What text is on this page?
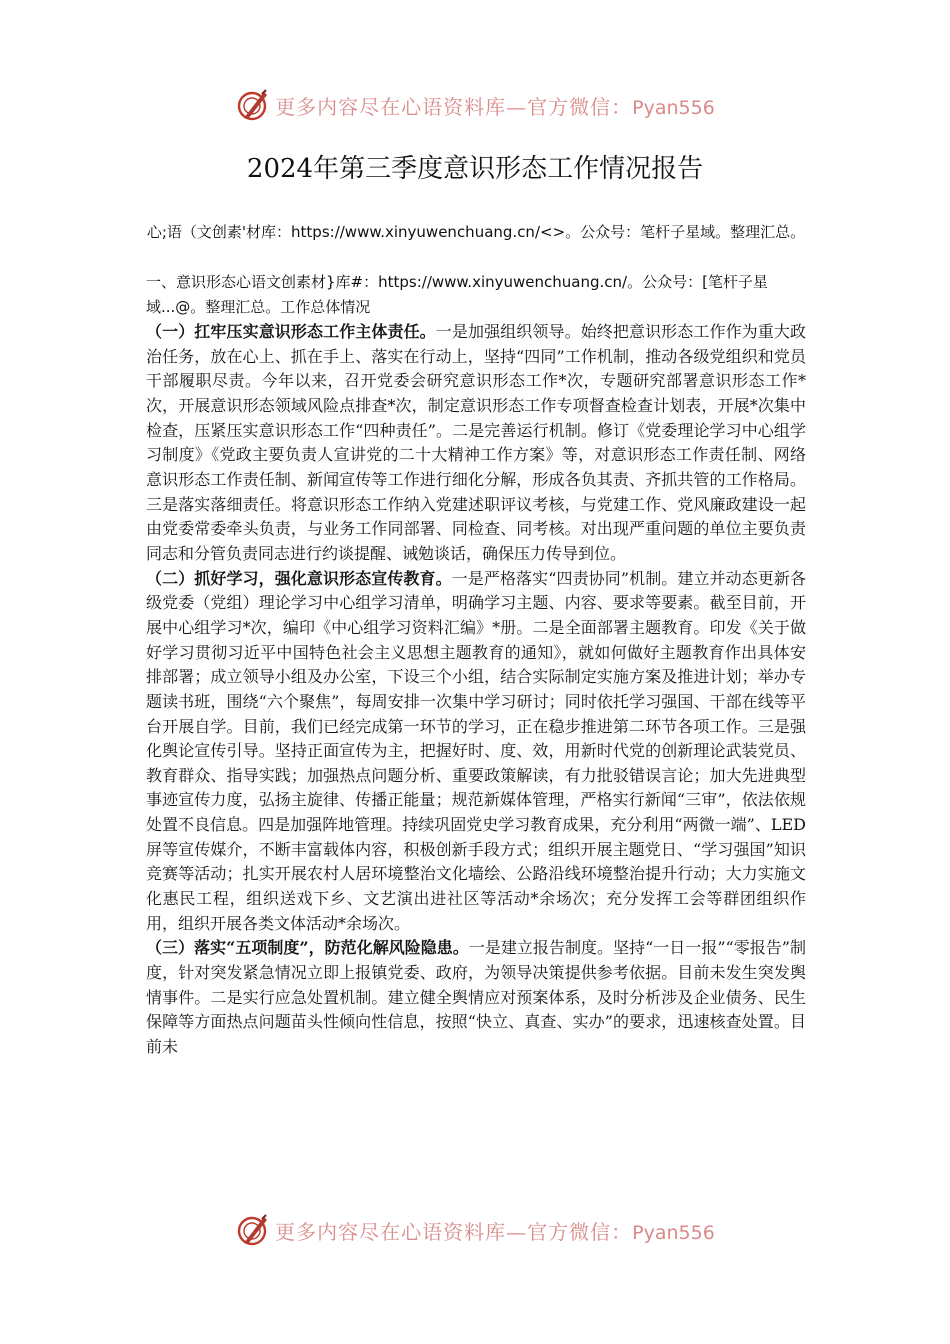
更多内容尽在心语资料库—官方微信：Pyan556
2024年第三季度意识形态工作情况报告
心;语（文创素'材库：https://www.xinyuwenchuang.cn/<>。公众号：笔杆子星域。整理汇总。
一、意识形态心语文创素材}库#：https://www.xinyuwenchuang.cn/。公众号：[笔杆子星域...@。整理汇总。工作总体情况

（一）扛牢压实意识形态工作主体责任。一是加强组织领导。始终把意识形态工作作为重大政治任务，放在心上、抓在手上、落实在行动上，坚持“四同”工作机制，推动各级党组织和党员干部履职尽责。今年以来，召开党委会研究意识形态工作*次，专题研究部署意识形态工作*次，开展意识形态领域风险点排查*次，制定意识形态工作专项督查检查计划表，开展*次集中检查，压紧压实意识形态工作“四种责任”。二是完善运行机制。修订《党委理论学习中心组学习制度》《党政主要负责人宣讲党的二十大精神工作方案》等，对意识形态工作责任制、网络意识形态工作责任制、新闻宣传等工作进行细化分解，形成各负其责、齐抓共管的工作格局。三是落实落细责任。将意识形态工作纳入党建述职评议考核，与党建工作、党风廉政建设一起由党委常委牵头负责，与业务工作同部署、同检查、同考核。对出现严重问题的单位主要负责同志和分管负责同志进行约谈提醒、诫勉谈话，确保压力传导到位。

（二）抓好学习，强化意识形态宣传教育。一是严格落实“四责协同”机制。建立并动态更新各级党委（党组）理论学习中心组学习清单，明确学习主题、内容、要求等要素。截至目前，开展中心组学习*次，编印《中心组学习资料汇编》*册。二是全面部署主题教育。印发《关于做好学习贯彻习近平中国特色社会主义思想主题教育的通知》，就如何做好主题教育作出具体安排部署；成立领导小组及办公室，下设三个小组，结合实际制定实施方案及推进计划；举办专题读书班，围绕“六个聚焦”，每周安排一次集中学习研讨；同时依托学习强国、干部在线等平台开展自学。目前，我们已经完成第一环节的学习，正在稳步推进第二环节各项工作。三是强化舆论宣传引导。坚持正面宣传为主，把握好时、度、效，用新时代党的创新理论武装党员、教育群众、指导实践；加强热点问题分析、重要政策解读，有力批驳错误言论；加大先进典型事迹宣传力度，弘扬主旋律、传播正能量；规范新媒体管理，严格实行新闻“三审”，依法依规处置不良信息。四是加强阵地管理。持续巩固党史学习教育成果，充分利用“两微一端”、LED屏等宣传媒介，不断丰富载体内容，积极创新手段方式；组织开展主题党日、“学习强国”知识竞赛等活动；扎实开展农村人居环境整治文化墙绘、公路沿线环境整治提升行动；大力实施文化惠民工程，组织送戏下乡、文艺演出进社区等活动*余场次；充分发挥工会等群团组织作用，组织开展各类文体活动*余场次。

（三）落实“五项制度”，防范化解风险隐患。一是建立报告制度。坚持“一日一报”“零报告”制度，针对突发紧急情况立即上报镇党委、政府，为领导决策提供参考依据。目前未发生突发舆情事件。二是实行应急处置机制。建立健全舆情应对预案体系，及时分析涉及企业债务、民生保障等方面热点问题苗头性倾向性信息，按照“快立、真查、实办”的要求，迅速核查处置。目前未

更多内容尽在心语资料库—官方微信：Pyan556
